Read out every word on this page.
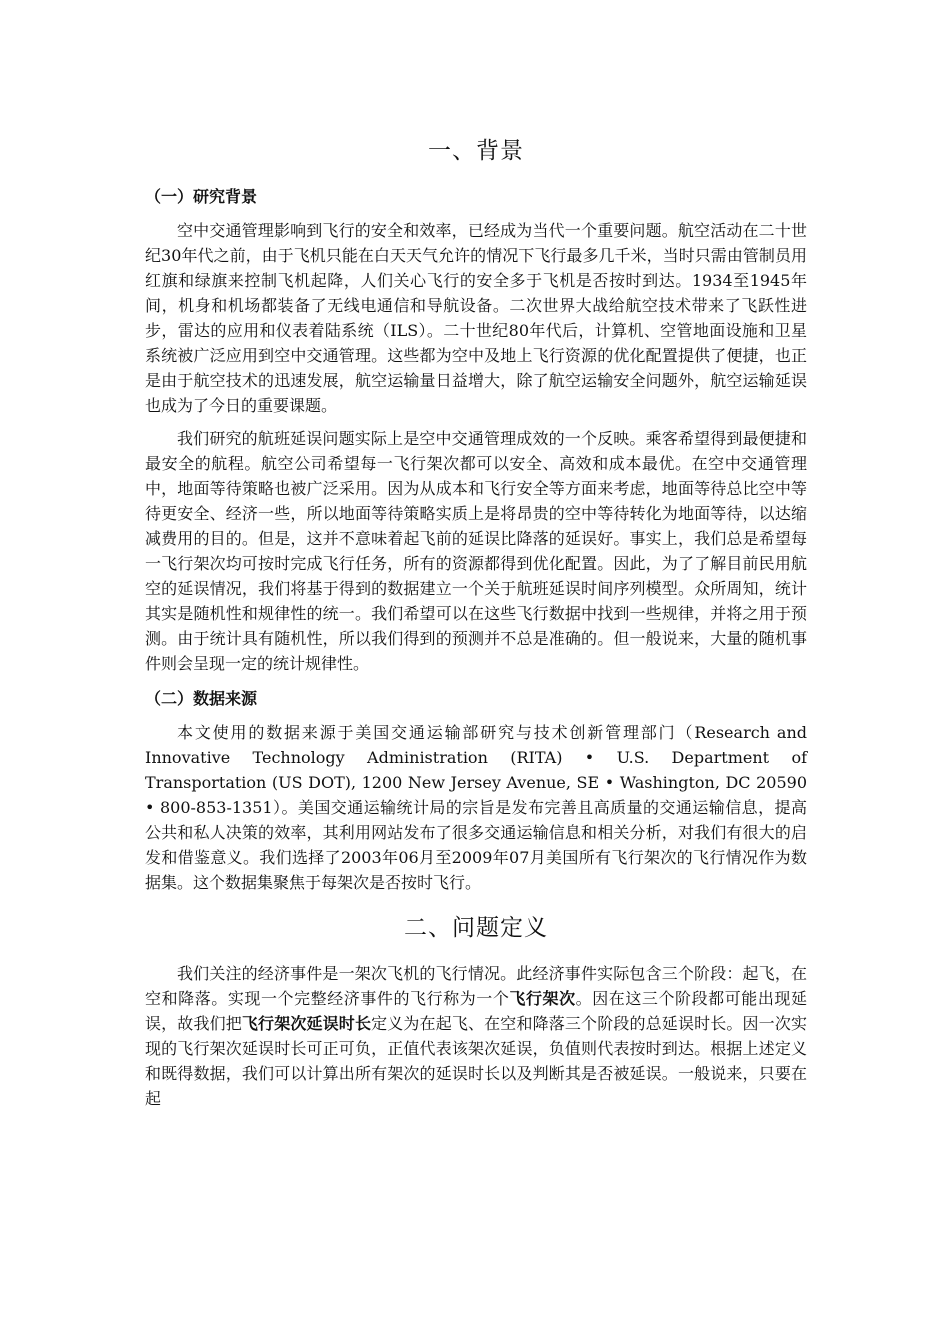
一、背景
（一）研究背景

空中交通管理影响到飞行的安全和效率，已经成为当代一个重要问题。航空活动在二十世纪30年代之前，由于飞机只能在白天天气允许的情况下飞行最多几千米，当时只需由管制员用红旗和绿旗来控制飞机起降，人们关心飞行的安全多于飞机是否按时到达。1934至1945年间，机身和机场都装备了无线电通信和导航设备。二次世界大战给航空技术带来了飞跃性进步，雷达的应用和仪表着陆系统（ILS）。二十世纪80年代后，计算机、空管地面设施和卫星系统被广泛应用到空中交通管理。这些都为空中及地上飞行资源的优化配置提供了便捷，也正是由于航空技术的迅速发展，航空运输量日益增大，除了航空运输安全问题外，航空运输延误也成为了今日的重要课题。

我们研究的航班延误问题实际上是空中交通管理成效的一个反映。乘客希望得到最便捷和最安全的航程。航空公司希望每一飞行架次都可以安全、高效和成本最优。在空中交通管理中，地面等待策略也被广泛采用。因为从成本和飞行安全等方面来考虑，地面等待总比空中等待更安全、经济一些，所以地面等待策略实质上是将昂贵的空中等待转化为地面等待，以达缩减费用的目的。但是，这并不意味着起飞前的延误比降落的延误好。事实上，我们总是希望每一飞行架次均可按时完成飞行任务，所有的资源都得到优化配置。因此，为了了解目前民用航空的延误情况，我们将基于得到的数据建立一个关于航班延误时间序列模型。众所周知，统计其实是随机性和规律性的统一。我们希望可以在这些飞行数据中找到一些规律，并将之用于预测。由于统计具有随机性，所以我们得到的预测并不总是准确的。但一般说来，大量的随机事件则会呈现一定的统计规律性。

（二）数据来源

本文使用的数据来源于美国交通运输部研究与技术创新管理部门（Research and Innovative Technology Administration (RITA) • U.S. Department of Transportation (US DOT), 1200 New Jersey Avenue, SE • Washington, DC 20590 • 800-853-1351）。美国交通运输统计局的宗旨是发布完善且高质量的交通运输信息，提高公共和私人决策的效率，其利用网站发布了很多交通运输信息和相关分析，对我们有很大的启发和借鉴意义。我们选择了2003年06月至2009年07月美国所有飞行架次的飞行情况作为数据集。这个数据集聚焦于每架次是否按时飞行。

二、问题定义

我们关注的经济事件是一架次飞机的飞行情况。此经济事件实际包含三个阶段：起飞，在空和降落。实现一个完整经济事件的飞行称为一个飞行架次。因在这三个阶段都可能出现延误，故我们把飞行架次延误时长定义为在起飞、在空和降落三个阶段的总延误时长。因一次实现的飞行架次延误时长可正可负，正值代表该架次延误，负值则代表按时到达。根据上述定义和既得数据，我们可以计算出所有架次的延误时长以及判断其是否被延误。一般说来，只要在起
